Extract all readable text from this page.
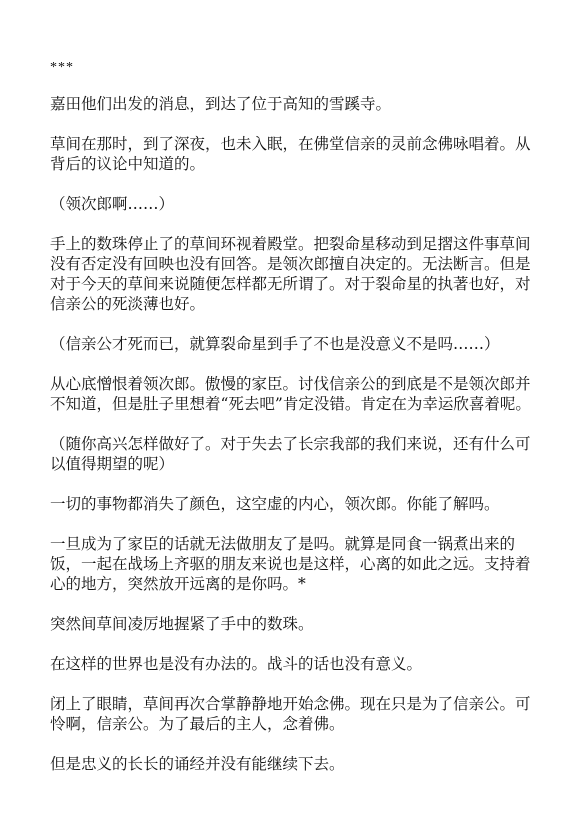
***

嘉田他们出发的消息，到达了位于高知的雪蹊寺。

草间在那时，到了深夜，也未入眠，在佛堂信亲的灵前念佛咏唱着。从背后的议论中知道的。

（领次郎啊……）

手上的数珠停止了的草间环视着殿堂。把裂命星移动到足摺这件事草间没有否定没有回映也没有回答。是领次郎擅自决定的。无法断言。但是对于今天的草间来说随便怎样都无所谓了。对于裂命星的执著也好，对信亲公的死淡薄也好。

（信亲公才死而已，就算裂命星到手了不也是没意义不是吗……）

从心底憎恨着领次郎。傲慢的家臣。讨伐信亲公的到底是不是领次郎并不知道，但是肚子里想着“死去吧”肯定没错。肯定在为幸运欣喜着呢。

（随你高兴怎样做好了。对于失去了长宗我部的我们来说，还有什么可以值得期望的呢）

一切的事物都消失了颜色，这空虚的内心，领次郎。你能了解吗。

一旦成为了家臣的话就无法做朋友了是吗。就算是同食一锅煮出来的饭，一起在战场上齐驱的朋友来说也是这样，心离的如此之远。支持着心的地方，突然放开远离的是你吗。*

突然间草间凌厉地握紧了手中的数珠。

在这样的世界也是没有办法的。战斗的话也没有意义。

闭上了眼睛，草间再次合掌静静地开始念佛。现在只是为了信亲公。可怜啊，信亲公。为了最后的主人，念着佛。

但是忠义的长长的诵经并没有能继续下去。
